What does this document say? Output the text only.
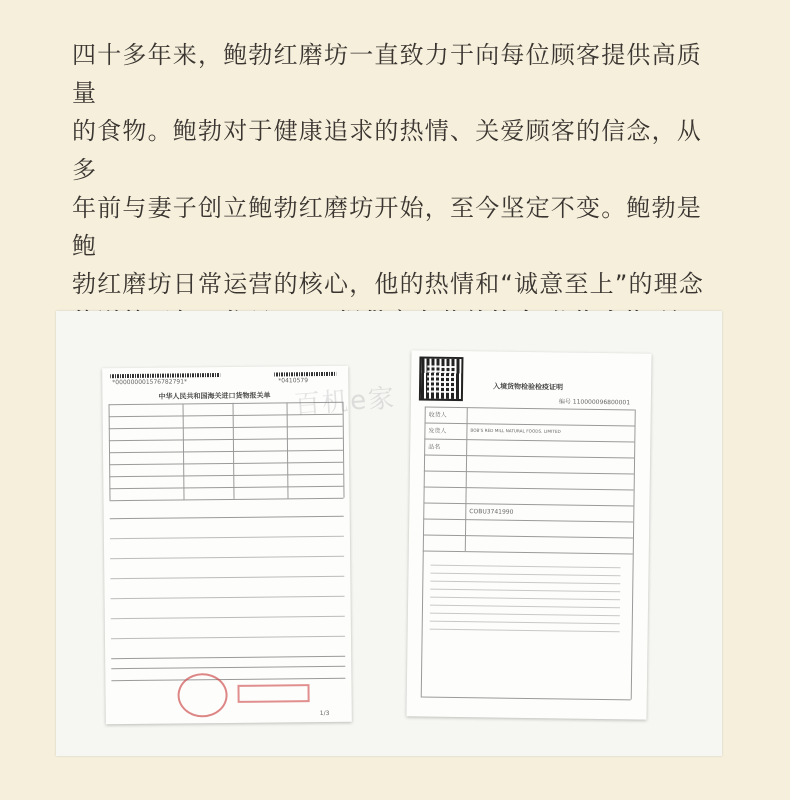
四十多年来，鲍勃红磨坊一直致力于向每位顾客提供高质量
的食物。鲍勃对于健康追求的热情、关爱顾客的信念，从多
年前与妻子创立鲍勃红磨坊开始，至今坚定不变。鲍勃是鲍
勃红磨坊日常运营的核心，他的热情和“诚意至上”的理念

*000000001576782791*	*0410579
中华人民共和国海关进口货物报关单
1/3
入境货物检验检疫证明
编号 110000096800001
收货人
发货人	BOB'S RED MILL NATURAL FOODS. LIMITED
品名
COBU3741990
百机e家
